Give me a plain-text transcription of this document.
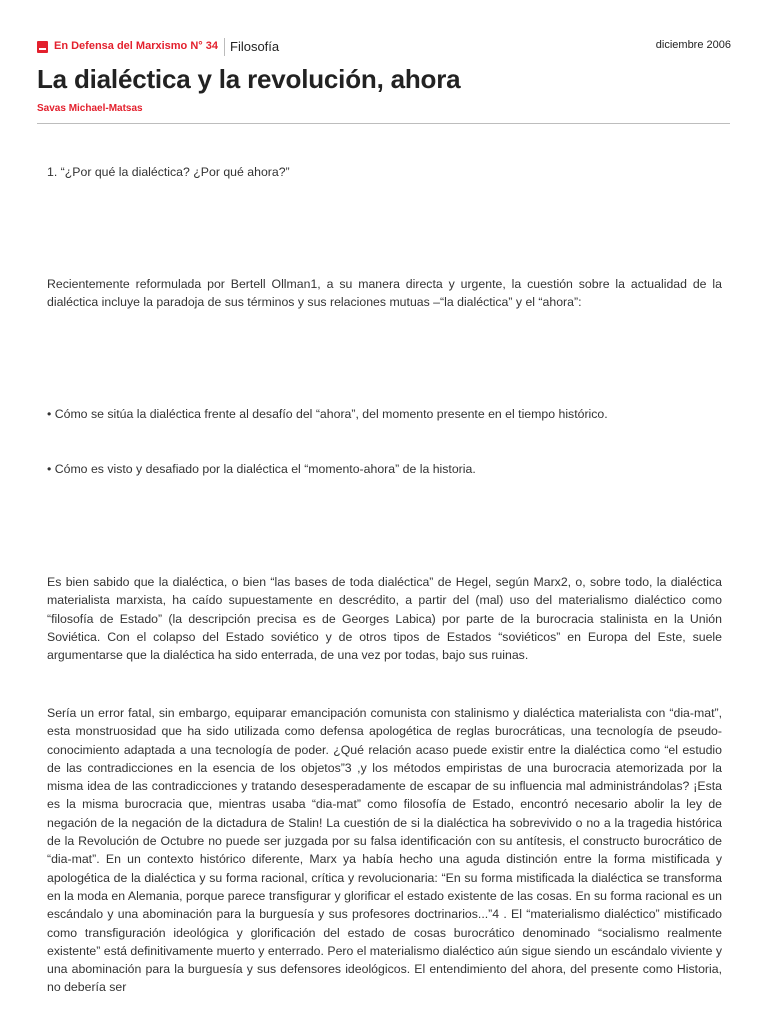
En Defensa del Marxismo N° 34 Filosofía	diciembre 2006
La dialéctica y la revolución, ahora
Savas Michael-Matsas

1. “¿Por qué la dialéctica? ¿Por qué ahora?”

Recientemente reformulada por Bertell Ollman1, a su manera directa y urgente, la cuestión sobre la actualidad de la dialéctica incluye la paradoja de sus términos y sus relaciones mutuas –“la dialéctica” y el “ahora”:

• Cómo se sitúa la dialéctica frente al desafío del “ahora”, del momento presente en el tiempo histórico.

• Cómo es visto y desafiado por la dialéctica el “momento-ahora” de la historia.

Es bien sabido que la dialéctica, o bien “las bases de toda dialéctica” de Hegel, según Marx2, o, sobre todo, la dialéctica materialista marxista, ha caído supuestamente en descrédito, a partir del (mal) uso del materialismo dialéctico como “filosofía de Estado” (la descripción precisa es de Georges Labica) por parte de la burocracia stalinista en la Unión Soviética. Con el colapso del Estado soviético y de otros tipos de Estados “soviéticos” en Europa del Este, suele argumentarse que la dialéctica ha sido enterrada, de una vez por todas, bajo sus ruinas.

Sería un error fatal, sin embargo, equiparar emancipación comunista con stalinismo y dialéctica materialista con “dia-mat”, esta monstruosidad que ha sido utilizada como defensa apologética de reglas burocráticas, una tecnología de pseudo-conocimiento adaptada a una tecnología de poder. ¿Qué relación acaso puede existir entre la dialéctica como “el estudio de las contradicciones en la esencia de los objetos”3 ,y los métodos empiristas de una burocracia atemorizada por la misma idea de las contradicciones y tratando desesperadamente de escapar de su influencia mal administrándolas? ¡Esta es la misma burocracia que, mientras usaba “dia-mat” como filosofía de Estado, encontró necesario abolir la ley de negación de la negación de la dictadura de Stalin! La cuestión de si la dialéctica ha sobrevivido o no a la tragedia histórica de la Revolución de Octubre no puede ser juzgada por su falsa identificación con su antítesis, el constructo burocrático de “dia-mat”. En un contexto histórico diferente, Marx ya había hecho una aguda distinción entre la forma mistificada y apologética de la dialéctica y su forma racional, crítica y revolucionaria: “En su forma mistificada la dialéctica se transforma en la moda en Alemania, porque parece transfigurar y glorificar el estado existente de las cosas. En su forma racional es un escándalo y una abominación para la burguesía y sus profesores doctrinarios...”4 . El “materialismo dialéctico” mistificado como transfiguración ideológica y glorificación del estado de cosas burocrático denominado “socialismo realmente existente” está definitivamente muerto y enterrado. Pero el materialismo dialéctico aún sigue siendo un escándalo viviente y una abominación para la burguesía y sus defensores ideológicos. El entendimiento del ahora, del presente como Historia, no debería ser
